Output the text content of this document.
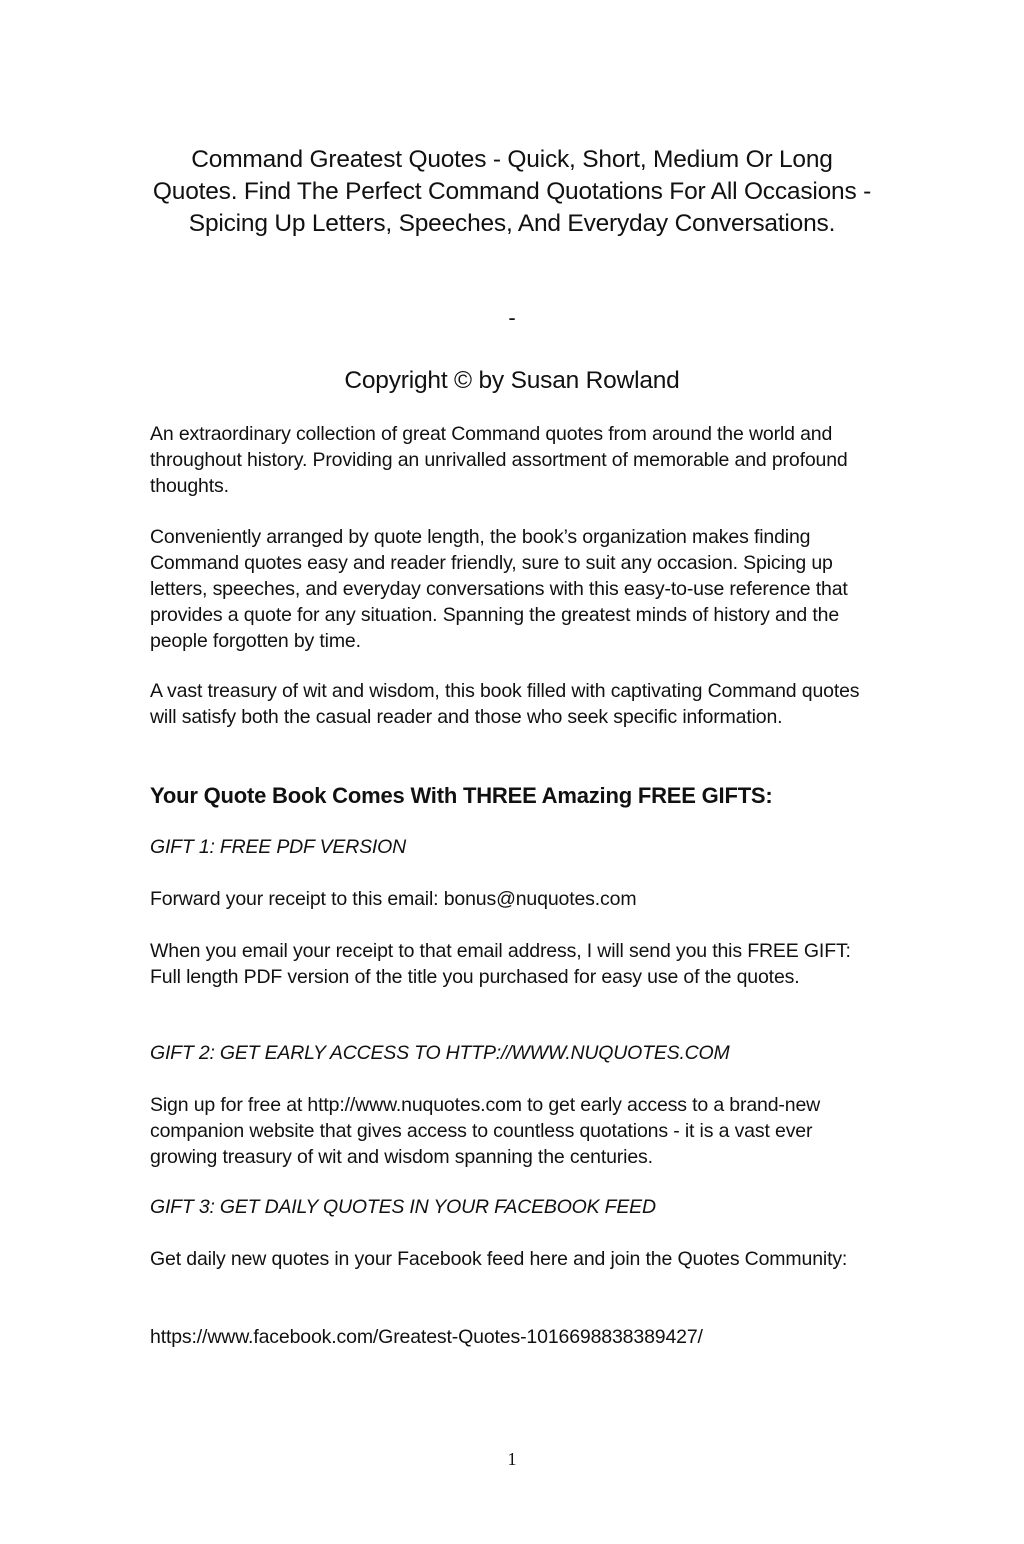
Command Greatest Quotes - Quick, Short, Medium Or Long Quotes. Find The Perfect Command Quotations For All Occasions - Spicing Up Letters, Speeches, And Everyday Conversations.
-
Copyright © by Susan Rowland

An extraordinary collection of great Command quotes from around the world and throughout history. Providing an unrivalled assortment of memorable and profound thoughts.

Conveniently arranged by quote length, the book’s organization makes finding Command quotes easy and reader friendly, sure to suit any occasion. Spicing up letters, speeches, and everyday conversations with this easy-to-use reference that provides a quote for any situation. Spanning the greatest minds of history and the people forgotten by time.

A vast treasury of wit and wisdom, this book filled with captivating Command quotes will satisfy both the casual reader and those who seek specific information.

Your Quote Book Comes With THREE Amazing FREE GIFTS:
GIFT 1: FREE PDF VERSION

Forward your receipt to this email: bonus@nuquotes.com

When you email your receipt to that email address, I will send you this FREE GIFT: Full length PDF version of the title you purchased for easy use of the quotes.

GIFT 2: GET EARLY ACCESS TO HTTP://WWW.NUQUOTES.COM

Sign up for free at http://www.nuquotes.com to get early access to a brand-new companion website that gives access to countless quotations - it is a vast ever growing treasury of wit and wisdom spanning the centuries.

GIFT 3: GET DAILY QUOTES IN YOUR FACEBOOK FEED

Get daily new quotes in your Facebook feed here and join the Quotes Community:

https://www.facebook.com/Greatest-Quotes-1016698838389427/

1
